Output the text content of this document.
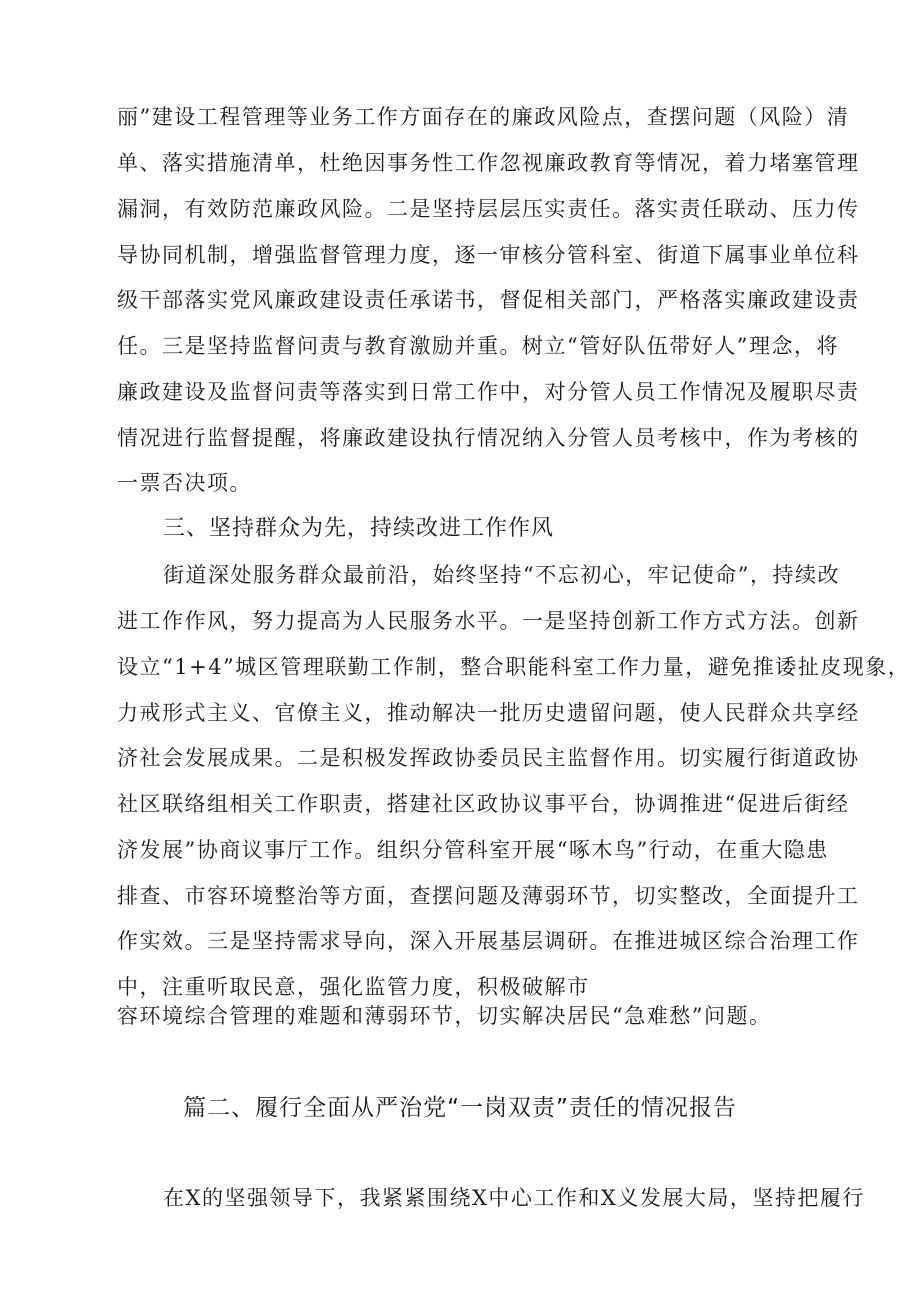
丽”建设工程管理等业务工作方面存在的廉政风险点，查摆问题（风险）清
单、落实措施清单，杜绝因事务性工作忽视廉政教育等情况，着力堵塞管理
漏洞，有效防范廉政风险。二是坚持层层压实责任。落实责任联动、压力传
导协同机制，增强监督管理力度，逐一审核分管科室、街道下属事业单位科
级干部落实党风廉政建设责任承诺书，督促相关部门，严格落实廉政建设责
任。三是坚持监督问责与教育激励并重。树立“管好队伍带好人”理念，将
廉政建设及监督问责等落实到日常工作中，对分管人员工作情况及履职尽责
情况进行监督提醒，将廉政建设执行情况纳入分管人员考核中，作为考核的
一票否决项。
三、坚持群众为先，持续改进工作作风
街道深处服务群众最前沿，始终坚持“不忘初心，牢记使命”，持续改
进工作作风，努力提高为人民服务水平。一是坚持创新工作方式方法。创新
设立“1+4”城区管理联勤工作制，整合职能科室工作力量，避免推诿扯皮现象，
力戒形式主义、官僚主义，推动解决一批历史遗留问题，使人民群众共享经
济社会发展成果。二是积极发挥政协委员民主监督作用。切实履行街道政协
社区联络组相关工作职责，搭建社区政协议事平台，协调推进“促进后街经
济发展”协商议事厅工作。组织分管科室开展“啄木鸟”行动，在重大隐患
排查、市容环境整治等方面，查摆问题及薄弱环节，切实整改，全面提升工
作实效。三是坚持需求导向，深入开展基层调研。在推进城区综合治理工作
中，注重听取民意，强化监管力度，积极破解市
容环境综合管理的难题和薄弱环节，切实解决居民“急难愁”问题。
篇二、履行全面从严治党“一岗双责”责任的情况报告
在X的坚强领导下，我紧紧围绕X中心工作和X义发展大局，坚持把履行
